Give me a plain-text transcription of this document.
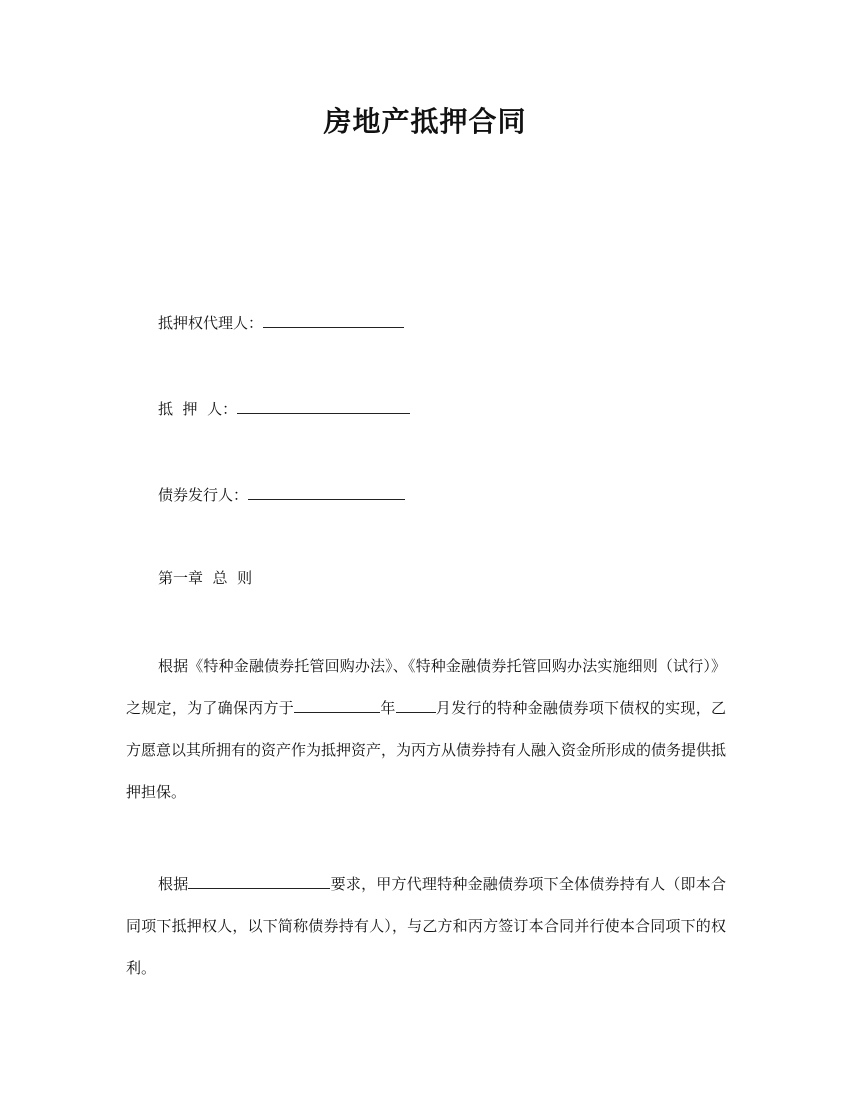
房地产抵押合同
抵押权代理人：
抵  押  人：
债券发行人：
第一章  总  则
根据《特种金融债券托管回购办法》、《特种金融债券托管回购办法实施细则（试行）》之规定，为了确保丙方于	年	月发行的特种金融债券项下债权的实现，乙方愿意以其所拥有的资产作为抵押资产，为丙方从债券持有人融入资金所形成的债务提供抵押担保。
根据	要求，甲方代理特种金融债券项下全体债券持有人（即本合同项下抵押权人，以下简称债券持有人），与乙方和丙方签订本合同并行使本合同项下的权利。
